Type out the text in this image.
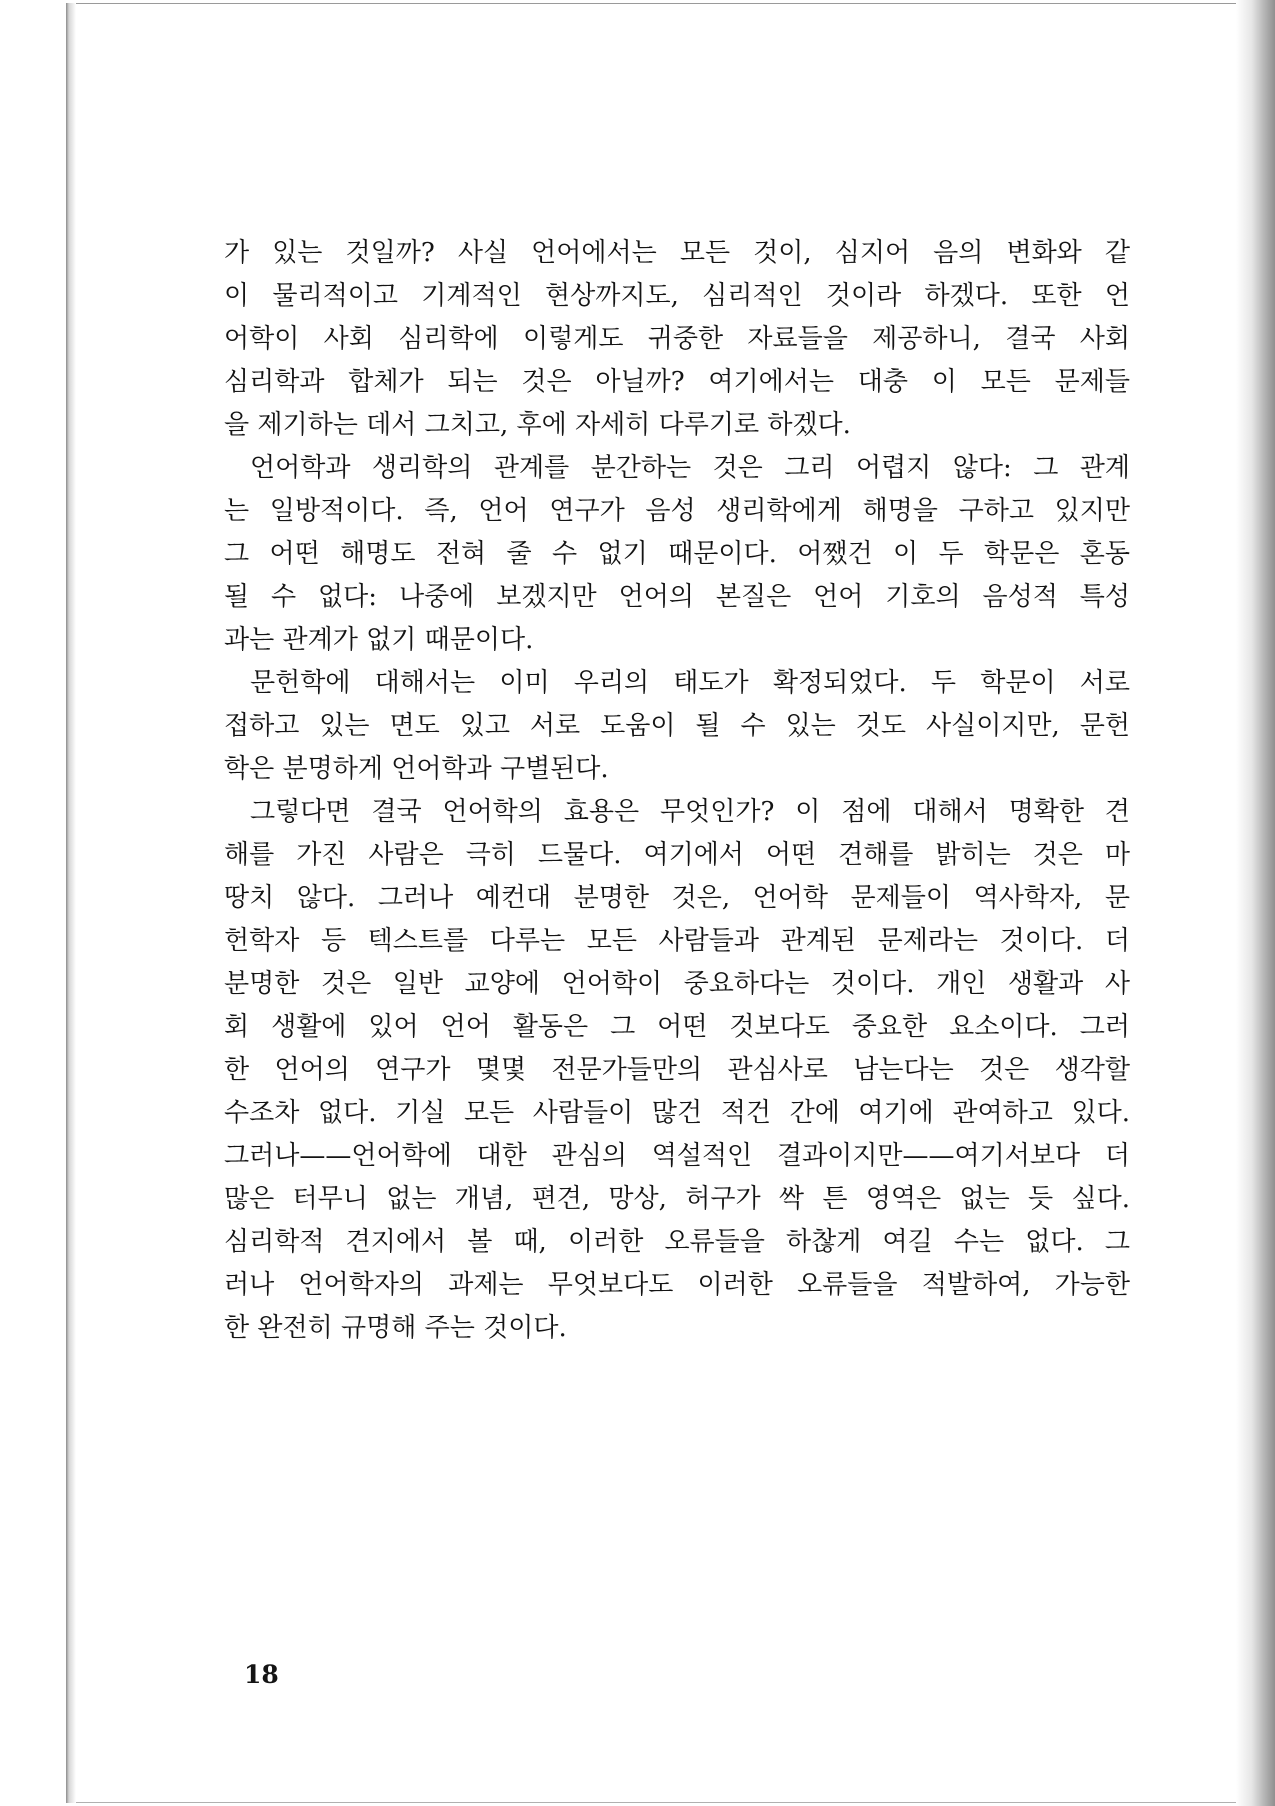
가 있는 것일까? 사실 언어에서는 모든 것이, 심지어 음의 변화와 같
이 물리적이고 기계적인 현상까지도, 심리적인 것이라 하겠다. 또한 언
어학이 사회 심리학에 이렇게도 귀중한 자료들을 제공하니, 결국 사회
심리학과 합체가 되는 것은 아닐까? 여기에서는 대충 이 모든 문제들
을 제기하는 데서 그치고, 후에 자세히 다루기로 하겠다.
언어학과 생리학의 관계를 분간하는 것은 그리 어렵지 않다: 그 관계
는 일방적이다. 즉, 언어 연구가 음성 생리학에게 해명을 구하고 있지만
그 어떤 해명도 전혀 줄 수 없기 때문이다. 어쨌건 이 두 학문은 혼동
될 수 없다: 나중에 보겠지만 언어의 본질은 언어 기호의 음성적 특성
과는 관계가 없기 때문이다.
문헌학에 대해서는 이미 우리의 태도가 확정되었다. 두 학문이 서로
접하고 있는 면도 있고 서로 도움이 될 수 있는 것도 사실이지만, 문헌
학은 분명하게 언어학과 구별된다.
그렇다면 결국 언어학의 효용은 무엇인가? 이 점에 대해서 명확한 견
해를 가진 사람은 극히 드물다. 여기에서 어떤 견해를 밝히는 것은 마
땅치 않다. 그러나 예컨대 분명한 것은, 언어학 문제들이 역사학자, 문
헌학자 등 텍스트를 다루는 모든 사람들과 관계된 문제라는 것이다. 더
분명한 것은 일반 교양에 언어학이 중요하다는 것이다. 개인 생활과 사
회 생활에 있어 언어 활동은 그 어떤 것보다도 중요한 요소이다. 그러
한 언어의 연구가 몇몇 전문가들만의 관심사로 남는다는 것은 생각할
수조차 없다. 기실 모든 사람들이 많건 적건 간에 여기에 관여하고 있다.
그러나——언어학에 대한 관심의 역설적인 결과이지만——여기서보다 더
많은 터무니 없는 개념, 편견, 망상, 허구가 싹 튼 영역은 없는 듯 싶다.
심리학적 견지에서 볼 때, 이러한 오류들을 하찮게 여길 수는 없다. 그
러나 언어학자의 과제는 무엇보다도 이러한 오류들을 적발하여, 가능한
한 완전히 규명해 주는 것이다.
18
